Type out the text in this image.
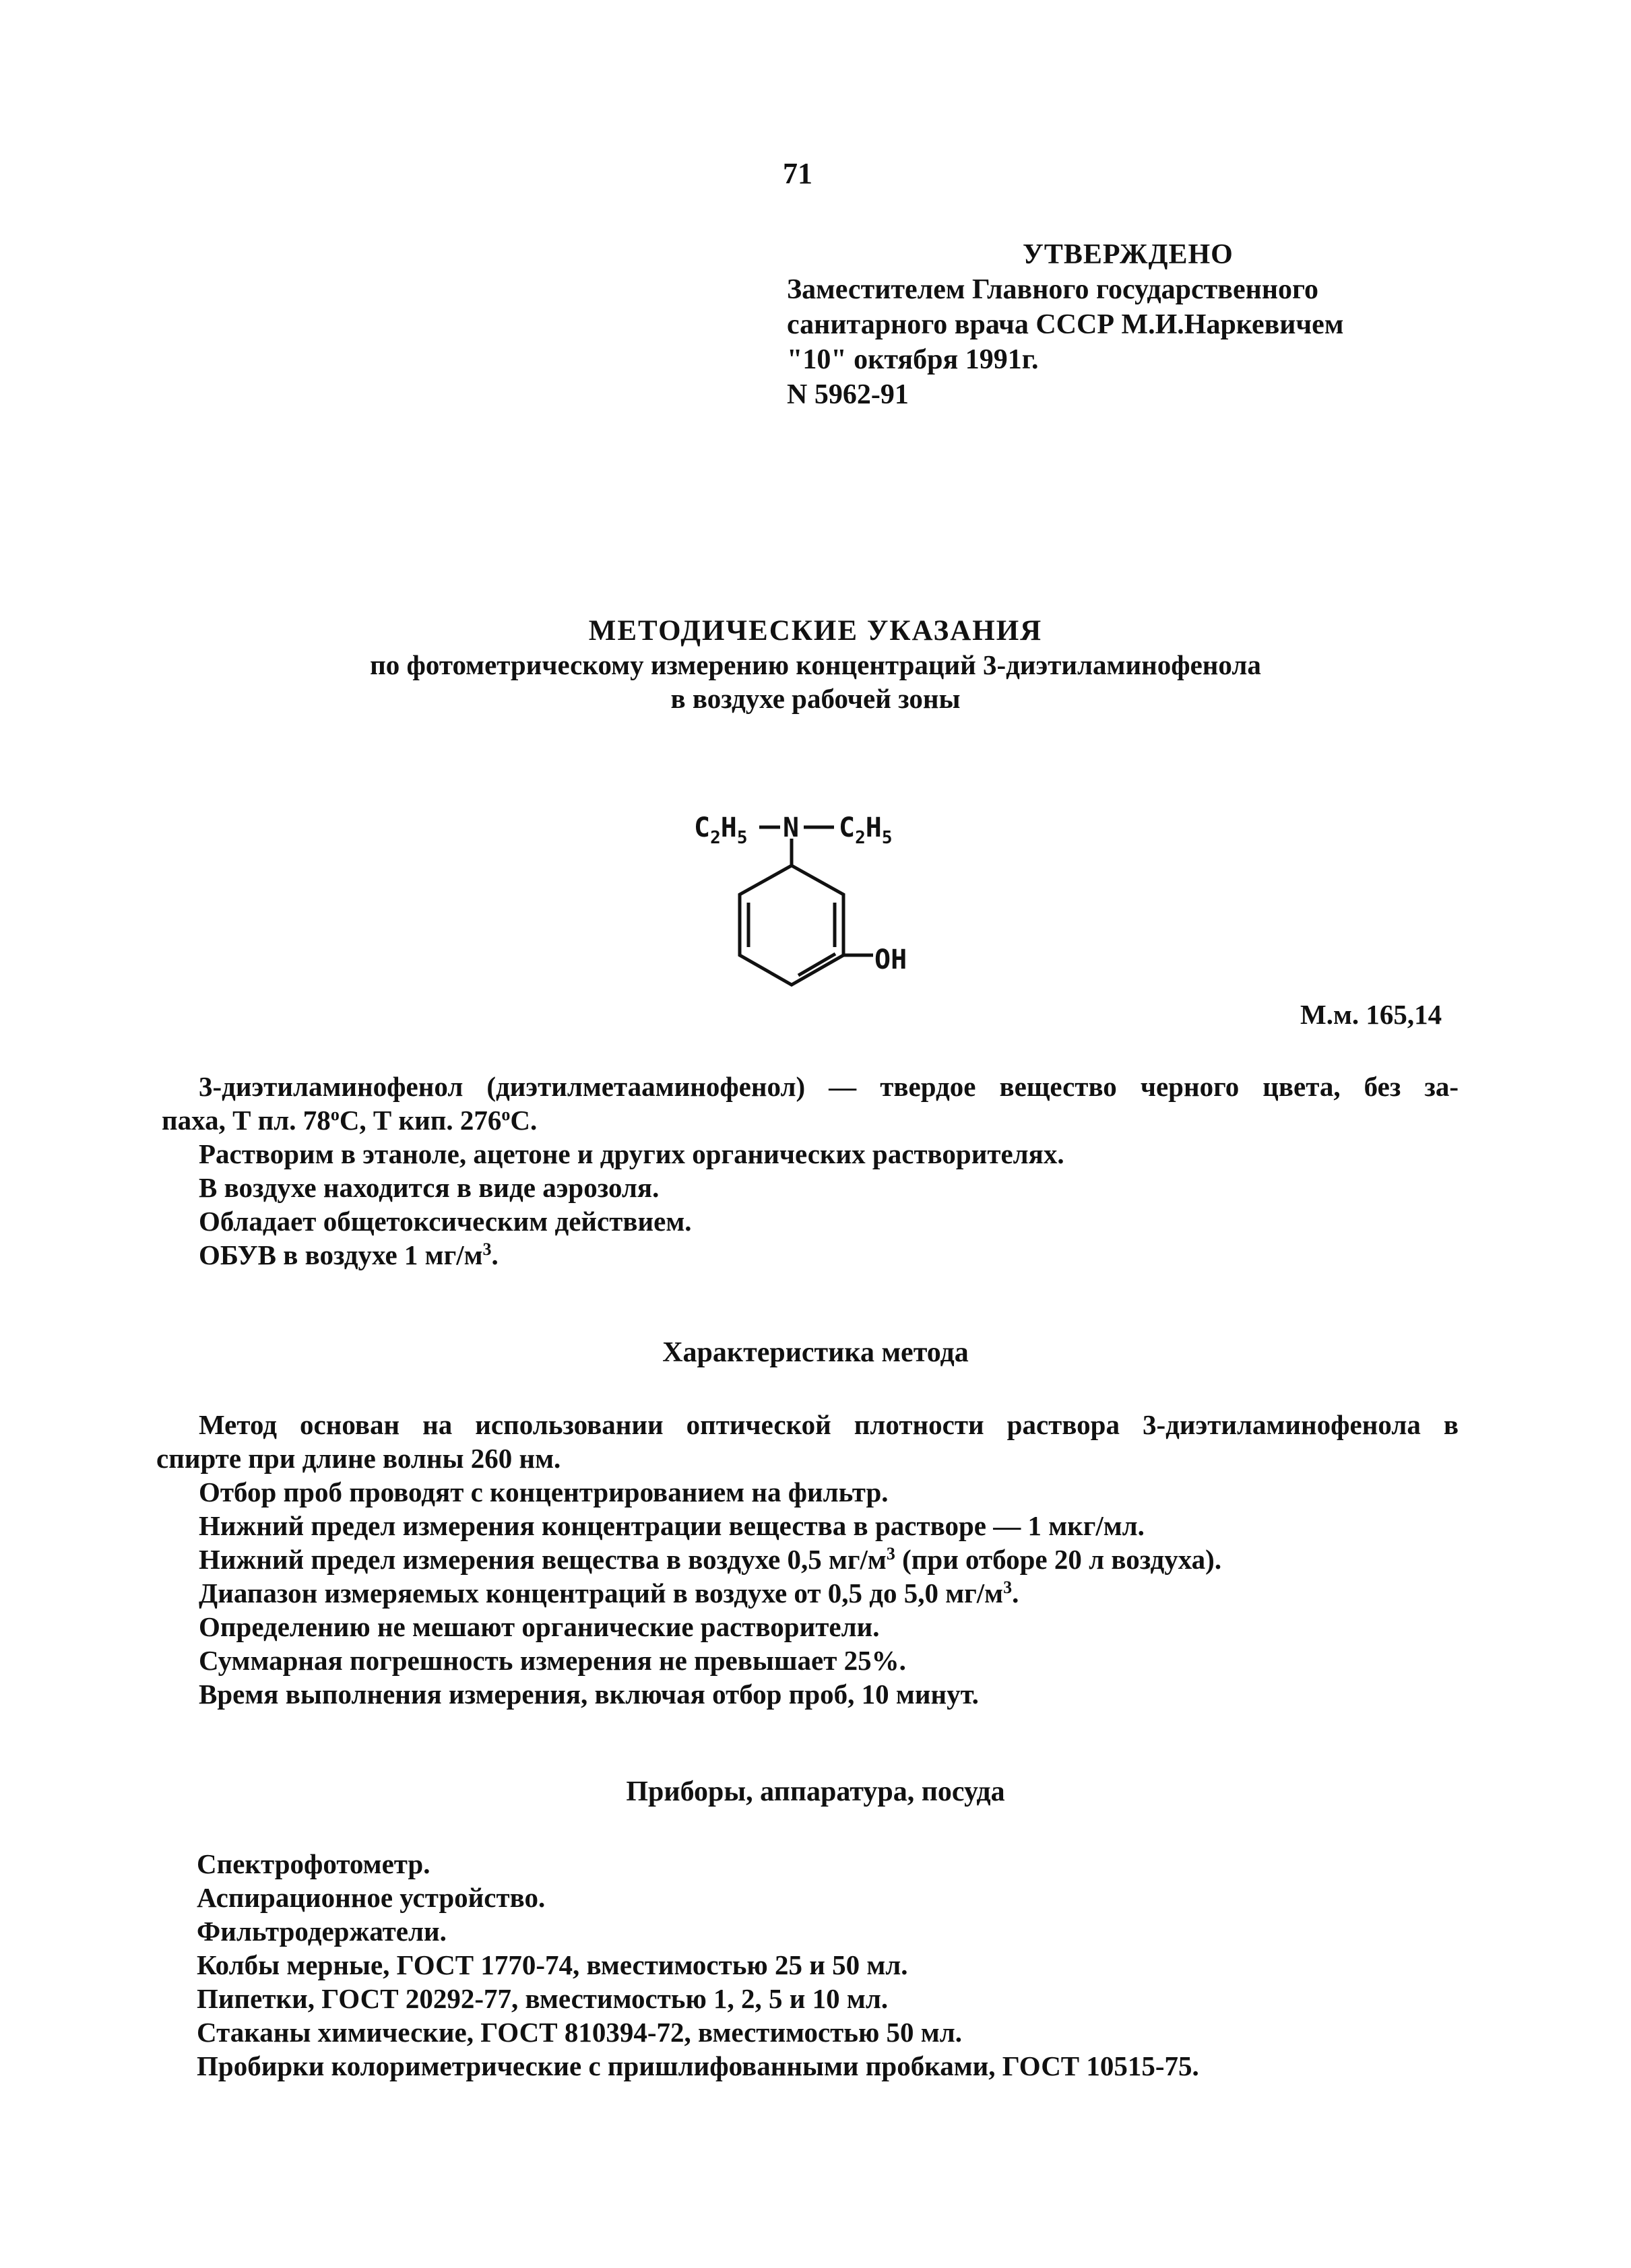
71
УТВЕРЖДЕНО
Заместителем Главного государственного
санитарного врача СССР М.И.Наркевичем
"10" октября 1991г.
N 5962-91
МЕТОДИЧЕСКИЕ УКАЗАНИЯ
по фотометрическому измерению концентраций 3-диэтиламинофенола
в воздухе рабочей зоны
$C_2H_5$ N $C_2H_5$
OH
М.м. 165,14
3-диэтиламинофенол (диэтилметааминофенол) — твердое вещество черного цвета, без за-
паха, Т пл. $78^оС$, Т кип. $276^оС$.
Растворим в этаноле, ацетоне и других органических растворителях.
В воздухе находится в виде аэрозоля.
Обладает общетоксическим действием.
ОБУВ в воздухе 1 $мг/м^3$.
Характеристика метода
Метод основан на использовании оптической плотности раствора 3-диэтиламинофенола в
спирте при длине волны 260 нм.
Отбор проб проводят с концентрированием на фильтр.
Нижний предел измерения концентрации вещества в растворе — 1 мкг/мл.
Нижний предел измерения вещества в воздухе 0,5 $мг/м^3$ (при отборе 20 л воздуха).
Диапазон измеряемых концентраций в воздухе от 0,5 до 5,0 $мг/м^3$.
Определению не мешают органические растворители.
Суммарная погрешность измерения не превышает 25%.
Время выполнения измерения, включая отбор проб, 10 минут.
Приборы, аппаратура, посуда
Спектрофотометр.
Аспирационное устройство.
Фильтродержатели.
Колбы мерные, ГОСТ 1770-74, вместимостью 25 и 50 мл.
Пипетки, ГОСТ 20292-77, вместимостью 1, 2, 5 и 10 мл.
Стаканы химические, ГОСТ 810394-72, вместимостью 50 мл.
Пробирки колориметрические с пришлифованными пробками, ГОСТ 10515-75.
